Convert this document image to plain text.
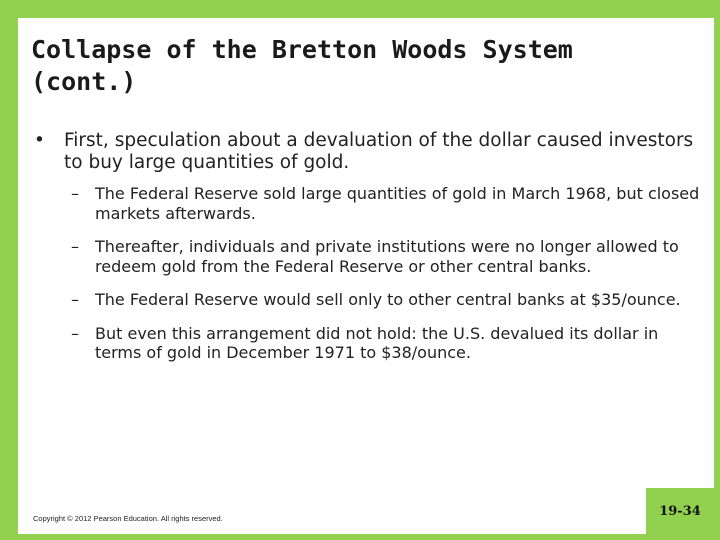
Collapse of the Bretton Woods System
(cont.)
• First, speculation about a devaluation of the dollar caused investors to buy large quantities of gold.
– The Federal Reserve sold large quantities of gold in March 1968, but closed markets afterwards.
– Thereafter, individuals and private institutions were no longer allowed to redeem gold from the Federal Reserve or other central banks.
– The Federal Reserve would sell only to other central banks at $35/ounce.
– But even this arrangement did not hold: the U.S. devalued its dollar in terms of gold in December 1971 to $38/ounce.
Copyright © 2012 Pearson Education. All rights reserved.	19-34
